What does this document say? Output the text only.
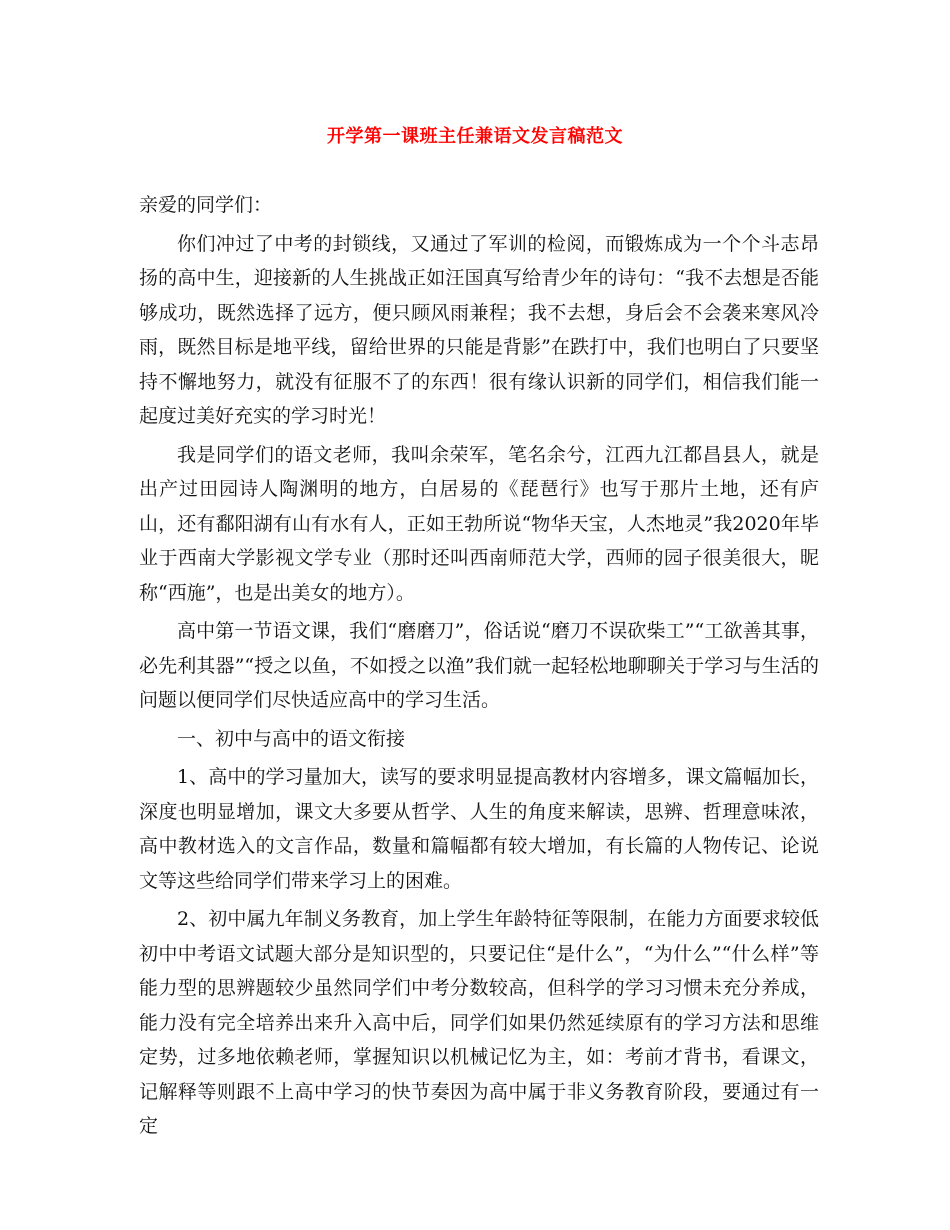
开学第一课班主任兼语文发言稿范文

亲爱的同学们：

你们冲过了中考的封锁线，又通过了军训的检阅，而锻炼成为一个个斗志昂扬的高中生，迎接新的人生挑战正如汪国真写给青少年的诗句：“我不去想是否能够成功，既然选择了远方，便只顾风雨兼程；我不去想，身后会不会袭来寒风冷雨，既然目标是地平线，留给世界的只能是背影”在跌打中，我们也明白了只要坚持不懈地努力，就没有征服不了的东西！很有缘认识新的同学们，相信我们能一起度过美好充实的学习时光！

我是同学们的语文老师，我叫余荣军，笔名余兮，江西九江都昌县人，就是出产过田园诗人陶渊明的地方，白居易的《琵琶行》也写于那片土地，还有庐山，还有鄱阳湖有山有水有人，正如王勃所说“物华天宝，人杰地灵”我2020年毕业于西南大学影视文学专业（那时还叫西南师范大学，西师的园子很美很大，昵称“西施”，也是出美女的地方）。

高中第一节语文课，我们“磨磨刀”，俗话说“磨刀不误砍柴工”“工欲善其事，必先利其器”“授之以鱼，不如授之以渔”我们就一起轻松地聊聊关于学习与生活的问题以便同学们尽快适应高中的学习生活。

一、初中与高中的语文衔接

1、高中的学习量加大，读写的要求明显提高教材内容增多，课文篇幅加长，深度也明显增加，课文大多要从哲学、人生的角度来解读，思辨、哲理意味浓，高中教材选入的文言作品，数量和篇幅都有较大增加，有长篇的人物传记、论说文等这些给同学们带来学习上的困难。

2、初中属九年制义务教育，加上学生年龄特征等限制，在能力方面要求较低初中中考语文试题大部分是知识型的，只要记住“是什么”，“为什么”“什么样”等能力型的思辨题较少虽然同学们中考分数较高，但科学的学习习惯未充分养成，能力没有完全培养出来升入高中后，同学们如果仍然延续原有的学习方法和思维定势，过多地依赖老师，掌握知识以机械记忆为主，如：考前才背书，看课文，记解释等则跟不上高中学习的快节奏因为高中属于非义务教育阶段，要通过有一定
